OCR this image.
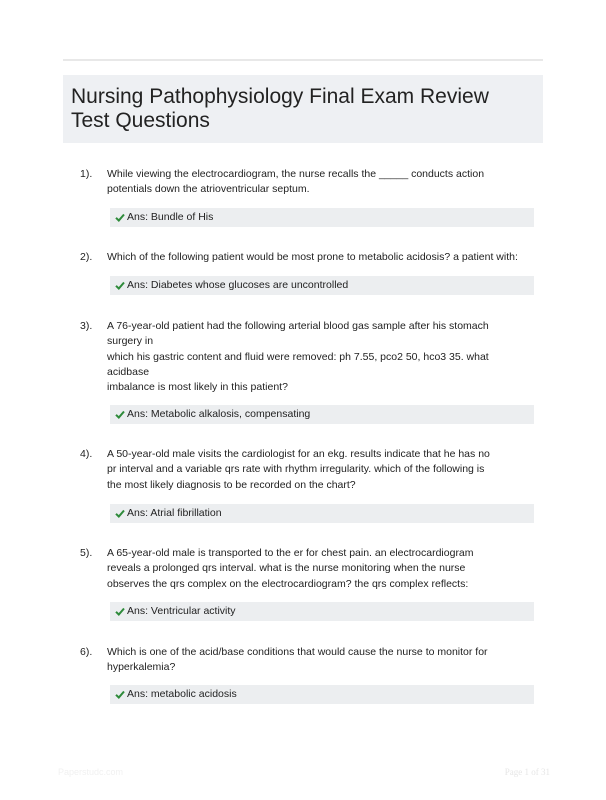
Nursing Pathophysiology Final Exam Review
Test Questions
1). While viewing the electrocardiogram, the nurse recalls the _____ conducts action
potentials down the atrioventricular septum.
Ans: Bundle of His
2). Which of the following patient would be most prone to metabolic acidosis? a patient with:
Ans: Diabetes whose glucoses are uncontrolled
3). A 76-year-old patient had the following arterial blood gas sample after his stomach
surgery in
which his gastric content and fluid were removed: ph 7.55, pco2 50, hco3 35. what
acidbase
imbalance is most likely in this patient?
Ans: Metabolic alkalosis, compensating
4). A 50-year-old male visits the cardiologist for an ekg. results indicate that he has no
pr interval and a variable qrs rate with rhythm irregularity. which of the following is
the most likely diagnosis to be recorded on the chart?
Ans: Atrial fibrillation
5). A 65-year-old male is transported to the er for chest pain. an electrocardiogram
reveals a prolonged qrs interval. what is the nurse monitoring when the nurse
observes the qrs complex on the electrocardiogram? the qrs complex reflects:
Ans: Ventricular activity
6). Which is one of the acid/base conditions that would cause the nurse to monitor for
hyperkalemia?
Ans: metabolic acidosis
Paperstudc.com	Page 1 of 31
